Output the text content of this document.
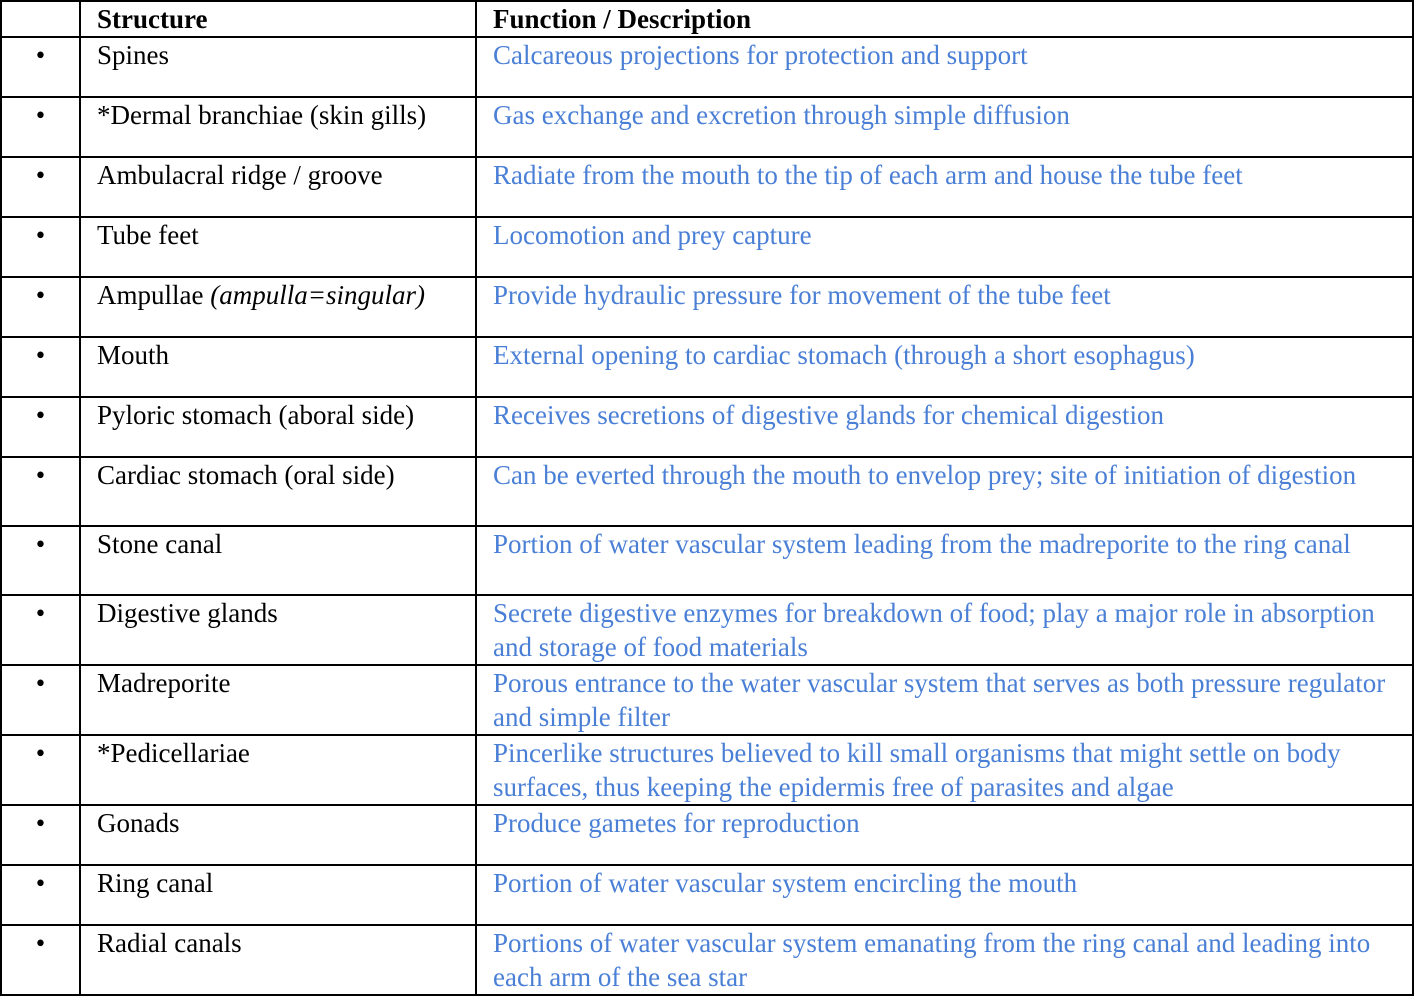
	Structure	Function / Description
•	Spines	Calcareous projections for protection and support
•	*Dermal branchiae (skin gills)	Gas exchange and excretion through simple diffusion
•	Ambulacral ridge / groove	Radiate from the mouth to the tip of each arm and house the tube feet
•	Tube feet	Locomotion and prey capture
•	Ampullae (ampulla=singular)	Provide hydraulic pressure for movement of the tube feet
•	Mouth	External opening to cardiac stomach (through a short esophagus)
•	Pyloric stomach (aboral side)	Receives secretions of digestive glands for chemical digestion
•	Cardiac stomach (oral side)	Can be everted through the mouth to envelop prey; site of initiation of digestion
•	Stone canal	Portion of water vascular system leading from the madreporite to the ring canal
•	Digestive glands	Secrete digestive enzymes for breakdown of food; play a major role in absorption and storage of food materials
•	Madreporite	Porous entrance to the water vascular system that serves as both pressure regulator and simple filter
•	*Pedicellariae	Pincerlike structures believed to kill small organisms that might settle on body surfaces, thus keeping the epidermis free of parasites and algae
•	Gonads	Produce gametes for reproduction
•	Ring canal	Portion of water vascular system encircling the mouth
•	Radial canals	Portions of water vascular system emanating from the ring canal and leading into each arm of the sea star
